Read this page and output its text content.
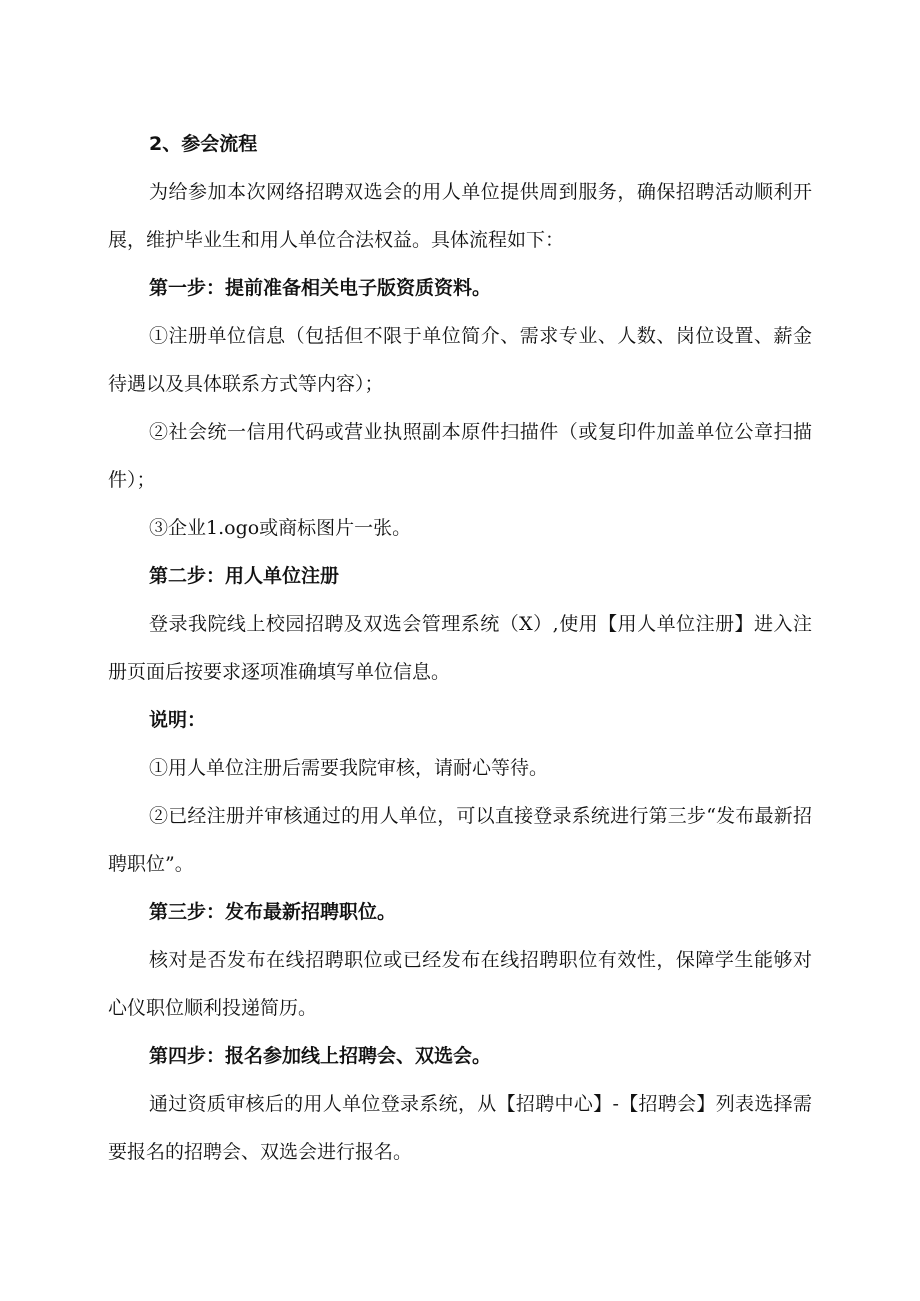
2、参会流程

为给参加本次网络招聘双选会的用人单位提供周到服务，确保招聘活动顺利开展，维护毕业生和用人单位合法权益。具体流程如下：

第一步：提前准备相关电子版资质资料。

①注册单位信息（包括但不限于单位简介、需求专业、人数、岗位设置、薪金待遇以及具体联系方式等内容）；

②社会统一信用代码或营业执照副本原件扫描件（或复印件加盖单位公章扫描件）；

③企业1.ogo或商标图片一张。

第二步：用人单位注册

登录我院线上校园招聘及双选会管理系统（X）,使用【用人单位注册】进入注册页面后按要求逐项准确填写单位信息。

说明：

①用人单位注册后需要我院审核，请耐心等待。

②已经注册并审核通过的用人单位，可以直接登录系统进行第三步“发布最新招聘职位”。

第三步：发布最新招聘职位。

核对是否发布在线招聘职位或已经发布在线招聘职位有效性，保障学生能够对心仪职位顺利投递简历。

第四步：报名参加线上招聘会、双选会。

通过资质审核后的用人单位登录系统，从【招聘中心】-【招聘会】列表选择需要报名的招聘会、双选会进行报名。
